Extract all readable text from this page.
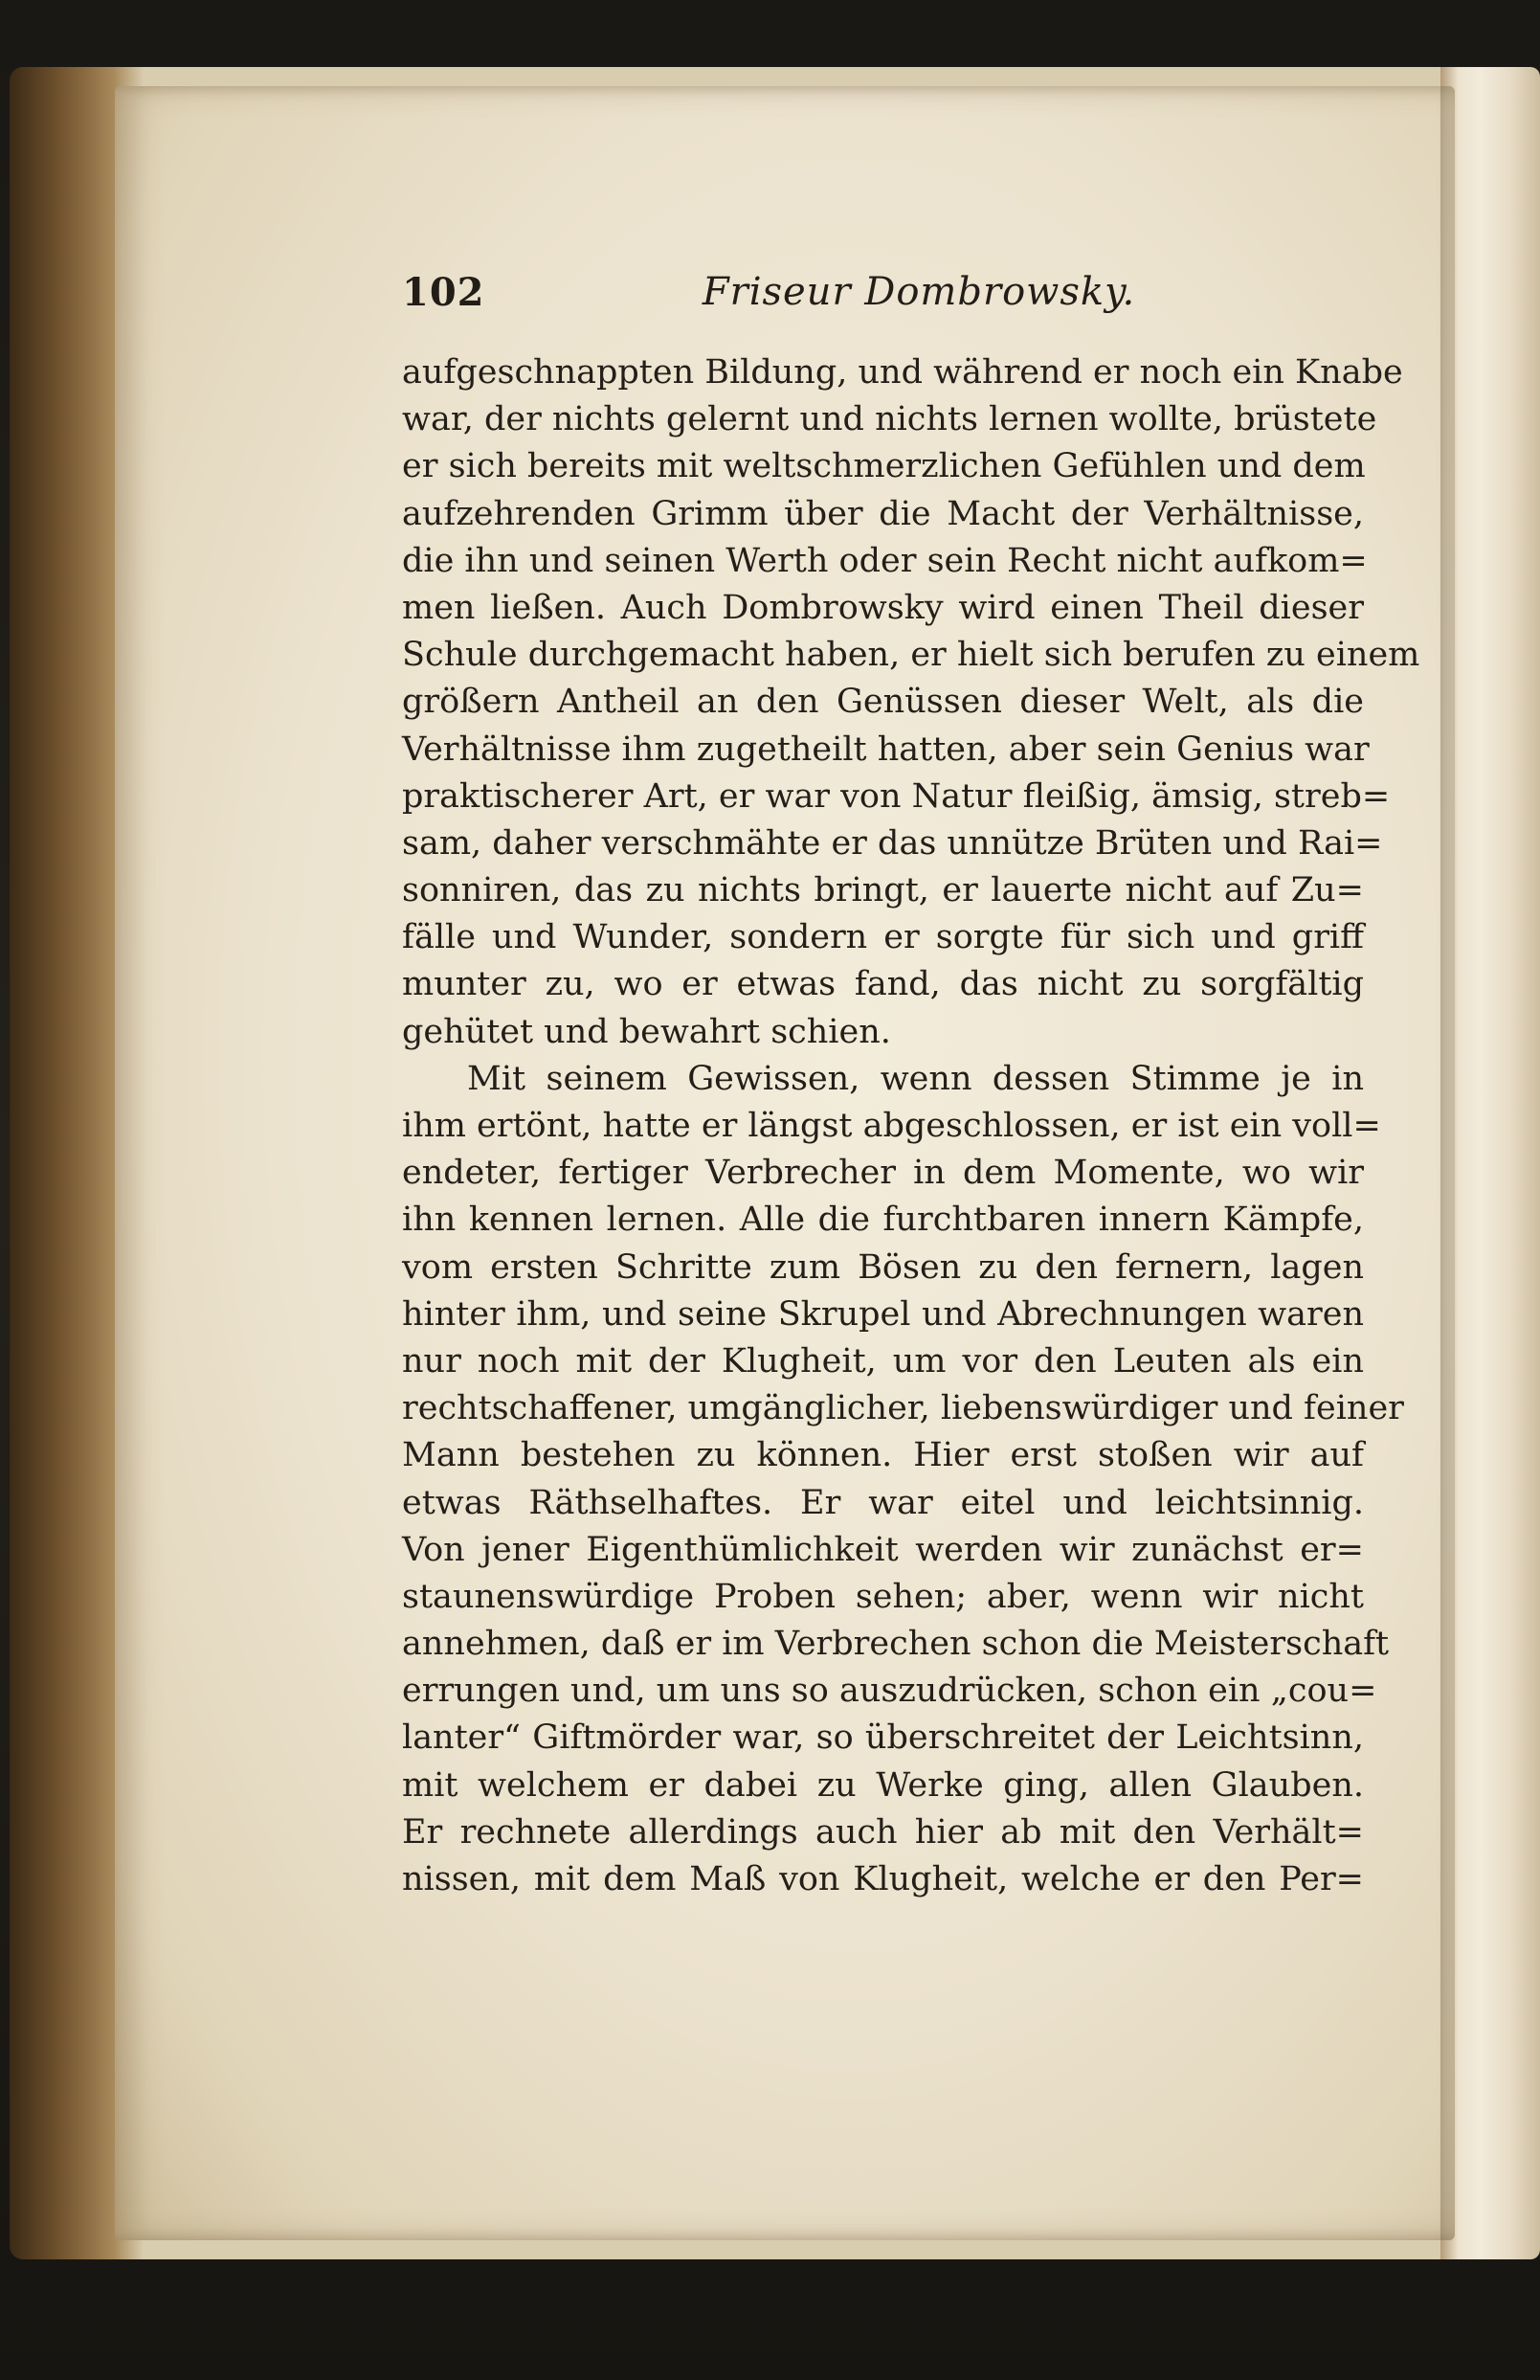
102	Friseur Dombrowsky.
aufgeschnappten Bildung, und während er noch ein Knabe
war, der nichts gelernt und nichts lernen wollte, brüstete
er sich bereits mit weltschmerzlichen Gefühlen und dem
aufzehrenden Grimm über die Macht der Verhältnisse,
die ihn und seinen Werth oder sein Recht nicht aufkom=
men ließen. Auch Dombrowsky wird einen Theil dieser
Schule durchgemacht haben, er hielt sich berufen zu einem
größern Antheil an den Genüssen dieser Welt, als die
Verhältnisse ihm zugetheilt hatten, aber sein Genius war
praktischerer Art, er war von Natur fleißig, ämsig, streb=
sam, daher verschmähte er das unnütze Brüten und Rai=
sonniren, das zu nichts bringt, er lauerte nicht auf Zu=
fälle und Wunder, sondern er sorgte für sich und griff
munter zu, wo er etwas fand, das nicht zu sorgfältig
gehütet und bewahrt schien.
Mit seinem Gewissen, wenn dessen Stimme je in
ihm ertönt, hatte er längst abgeschlossen, er ist ein voll=
endeter, fertiger Verbrecher in dem Momente, wo wir
ihn kennen lernen. Alle die furchtbaren innern Kämpfe,
vom ersten Schritte zum Bösen zu den fernern, lagen
hinter ihm, und seine Skrupel und Abrechnungen waren
nur noch mit der Klugheit, um vor den Leuten als ein
rechtschaffener, umgänglicher, liebenswürdiger und feiner
Mann bestehen zu können. Hier erst stoßen wir auf
etwas Räthselhaftes. Er war eitel und leichtsinnig.
Von jener Eigenthümlichkeit werden wir zunächst er=
staunenswürdige Proben sehen; aber, wenn wir nicht
annehmen, daß er im Verbrechen schon die Meisterschaft
errungen und, um uns so auszudrücken, schon ein „cou=
lanter“ Giftmörder war, so überschreitet der Leichtsinn,
mit welchem er dabei zu Werke ging, allen Glauben.
Er rechnete allerdings auch hier ab mit den Verhält=
nissen, mit dem Maß von Klugheit, welche er den Per=
